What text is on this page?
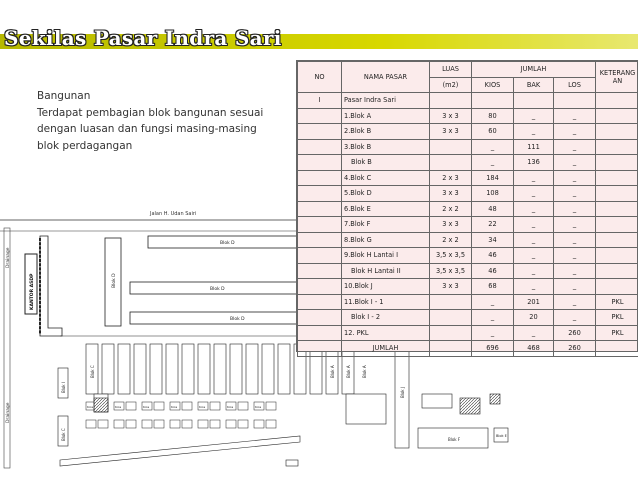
Sekilas Pasar Indra Sari
Bangunan
Terdapat pembagian blok bangunan sesuai
dengan luasan dan fungsi masing-masing
blok perdagangan
Jalan H. Udan Sairi
Drainage
Drainage
KANTOR ASDP
Blok D
Blok D
Blok D
Blok D
Blok C	Blok A	Blok A	Blok A
Kios	Kios	Kios	Kios	Kios	Kios	Kios
Blok I
Blok C
Blok J
Blok F
Blok E
NO	NAMA PASAR	LUAS	JUMLAH			KETERANG
AN
		(m2)	KIOS	BAK	LOS	
I	Pasar Indra Sari					
	1.Blok A	3 x 3	80	_	_	
	2.Blok B	3 x 3	60	_	_	
	3.Blok B		_	111	_	
	Blok B		_	136	_	
	4.Blok C	2 x 3	184	_	_	
	5.Blok D	3 x 3	108	_	_	
	6.Blok E	2 x 2	48	_	_	
	7.Blok F	3 x 3	22	_	_	
	8.Blok G	2 x 2	34	_	_	
	9.Blok H Lantai I	3,5 x 3,5	46	_	_	
	Blok H Lantai II	3,5 x 3,5	46	_	_	
	10.Blok J	3 x 3	68	_	_	
	11.Blok I - 1		_	201	_	PKL
	Blok I - 2		_	20	_	PKL
	12. PKL		_	_	260	PKL
	JUMLAH		696	468	260	
